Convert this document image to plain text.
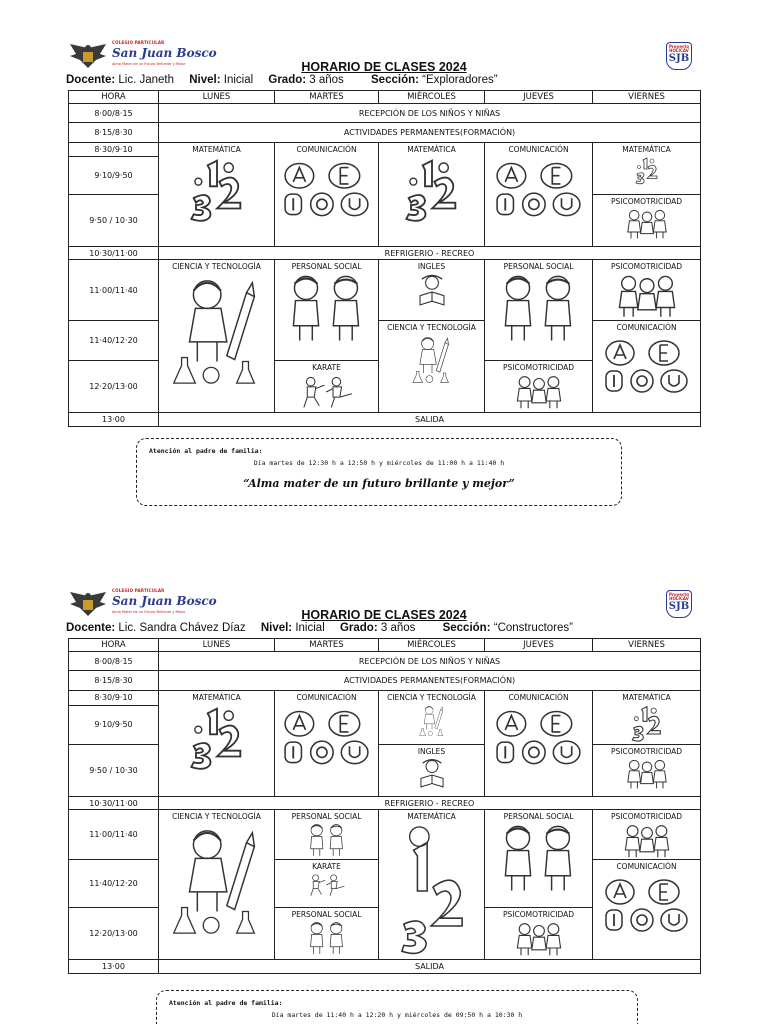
COLEGIO PARTICULAR
San Juan Bosco
Alma Mater de un Futuro Brillante y Mejor
Proyecto HOLICAV
SJB
HORARIO DE CLASES 2024
Docente: Lic. Janeth Nivel: Inicial Grado: 3 años Sección: “Exploradores”
HORA	LUNES	MARTES	MIÉRCOLES	JUEVES	VIERNES
8·00/8·15	RECEPCIÓN DE LOS NIÑOS Y NIÑAS				
8·15/8·30	ACTIVIDADES PERMANENTES(FORMACIÓN)				
8·30/9·10	MATEMÁTICA	COMUNICACIÓN	MATEMÁTICA	COMUNICACIÓN	MATEMÁTICA

9·10/9·50					
9·50 / 10·30					PSICOMOTRICIDAD

10·30/11·00	REFRIGERIO - RECREO				
11·00/11·40	CIENCIA Y TECNOLOGÍA	PERSONAL SOCIAL	INGLES	PERSONAL SOCIAL	PSICOMOTRICIDAD

11·40/12·20			CIENCIA Y TECNOLOGÍA		COMUNICACIÓN

12·20/13·00		KARATE		PSICOMOTRICIDAD	

13·00	SALIDA				
Atención al padre de familia:
Día martes de 12:30 h a 12:50 h y miércoles de 11:00 h a 11:40 h
“Alma mater de un futuro brillante y mejor”
COLEGIO PARTICULAR
San Juan Bosco
Alma Mater de un Futuro Brillante y Mejor
Proyecto HOLICAV
SJB
HORARIO DE CLASES 2024
Docente: Lic. Sandra Chávez Díaz Nivel: Inicial Grado: 3 años Sección: “Constructores”
HORA	LUNES	MARTES	MIÉRCOLES	JUEVES	VIERNES
8·00/8·15	RECEPCIÓN DE LOS NIÑOS Y NIÑAS				
8·15/8·30	ACTIVIDADES PERMANENTES(FORMACIÓN)				
8·30/9·10	MATEMÁTICA	COMUNICACIÓN	CIENCIA Y TECNOLOGÍA	COMUNICACIÓN	MATEMÁTICA

9·10/9·50					
9·50 / 10·30			INGLES		PSICOMOTRICIDAD

10·30/11·00	REFRIGERIO - RECREO				
11·00/11·40	CIENCIA Y TECNOLOGÍA	PERSONAL SOCIAL	MATEMÁTICA	PERSONAL SOCIAL	PSICOMOTRICIDAD

11·40/12·20		KARATE			COMUNICACIÓN

12·20/13·00		PERSONAL SOCIAL		PSICOMOTRICIDAD	

13·00	SALIDA				
Atención al padre de familia:
Día martes de 11:40 h a 12:20 h y miércoles de 09:50 h a 10:30 h
